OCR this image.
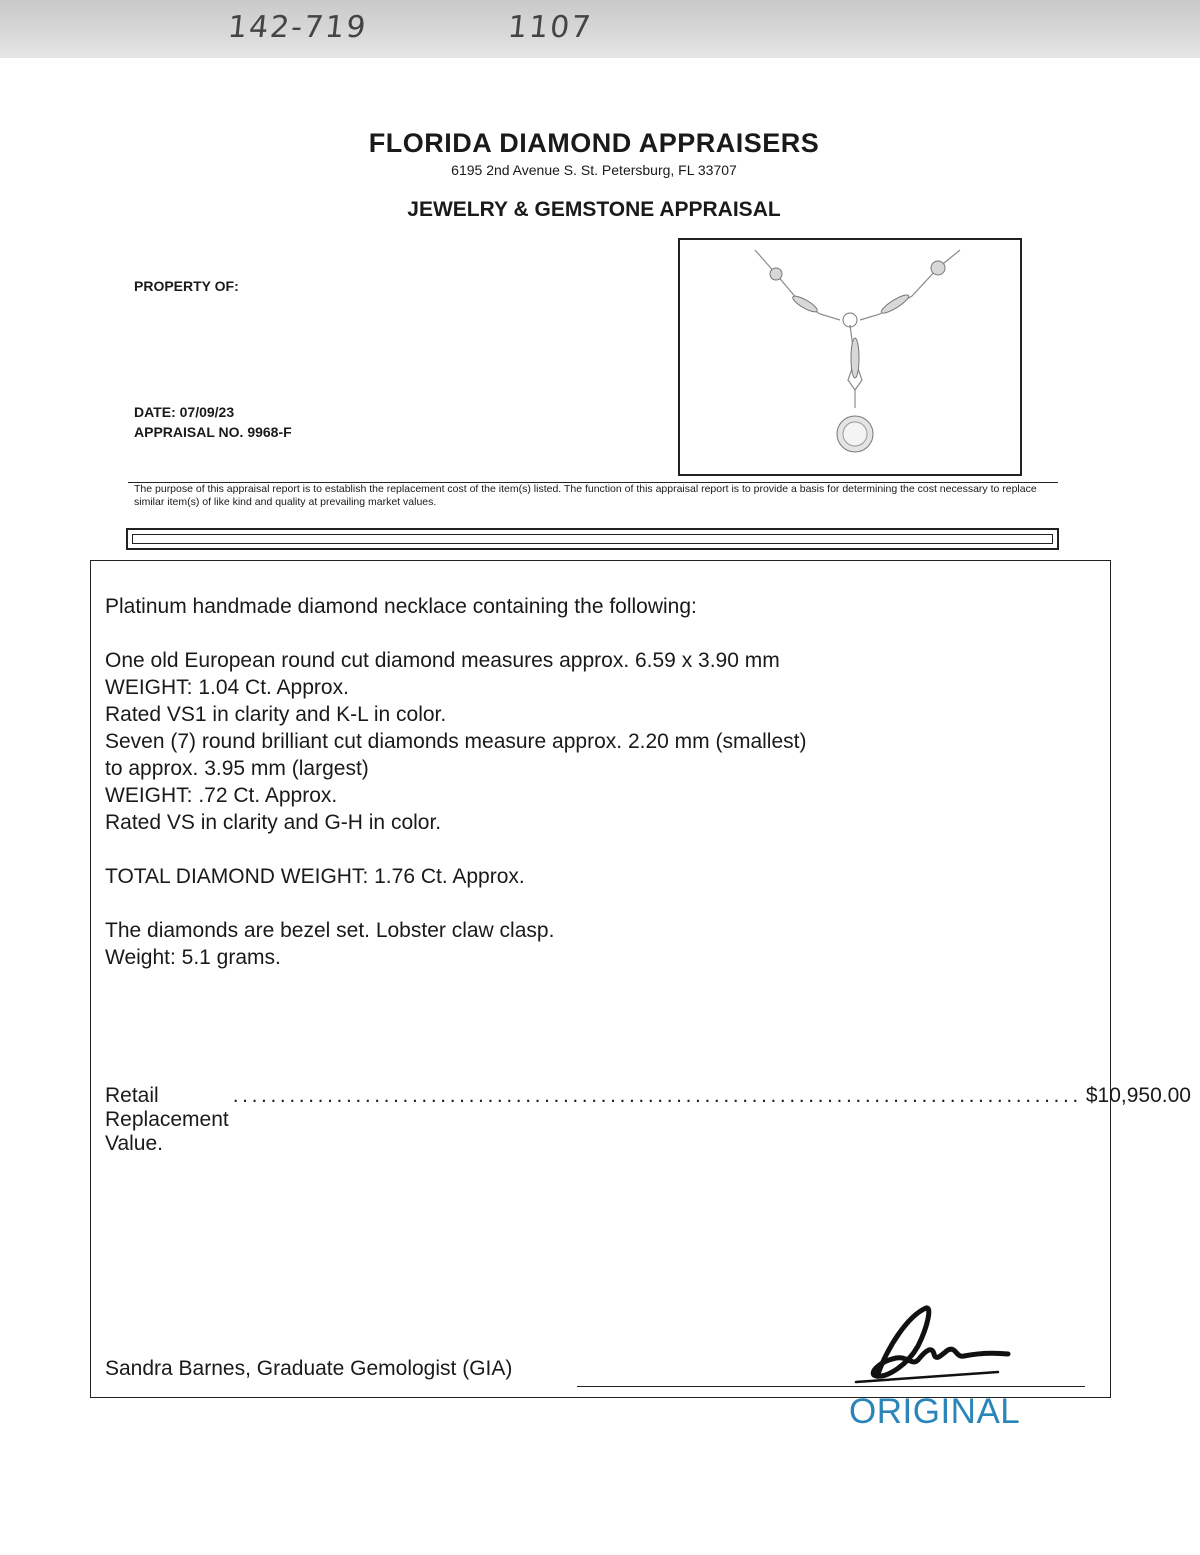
142-719	1107
FLORIDA DIAMOND APPRAISERS
6195 2nd Avenue S. St. Petersburg, FL 33707
JEWELRY & GEMSTONE APPRAISAL
PROPERTY OF:
DATE: 07/09/23
APPRAISAL NO. 9968-F
The purpose of this appraisal report is to establish the replacement cost of the item(s) listed. The function of this appraisal report is to provide a basis for determining the cost necessary to replace similar item(s) of like kind and quality at prevailing market values.

Platinum handmade diamond necklace containing the following:

One old European round cut diamond measures approx. 6.59 x 3.90 mm

WEIGHT: 1.04 Ct. Approx.

Rated VS1 in clarity and K-L in color.

Seven (7) round brilliant cut diamonds measure approx. 2.20 mm (smallest)

to approx. 3.95 mm (largest)

WEIGHT: .72 Ct. Approx.

Rated VS in clarity and G-H in color.

TOTAL DIAMOND WEIGHT: 1.76 Ct. Approx.

The diamonds are bezel set. Lobster claw clasp.

Weight: 5.1 grams.

Retail Replacement Value.
.......................................................................................... $10,950.00
Sandra Barnes, Graduate Gemologist (GIA)
ORIGINAL
